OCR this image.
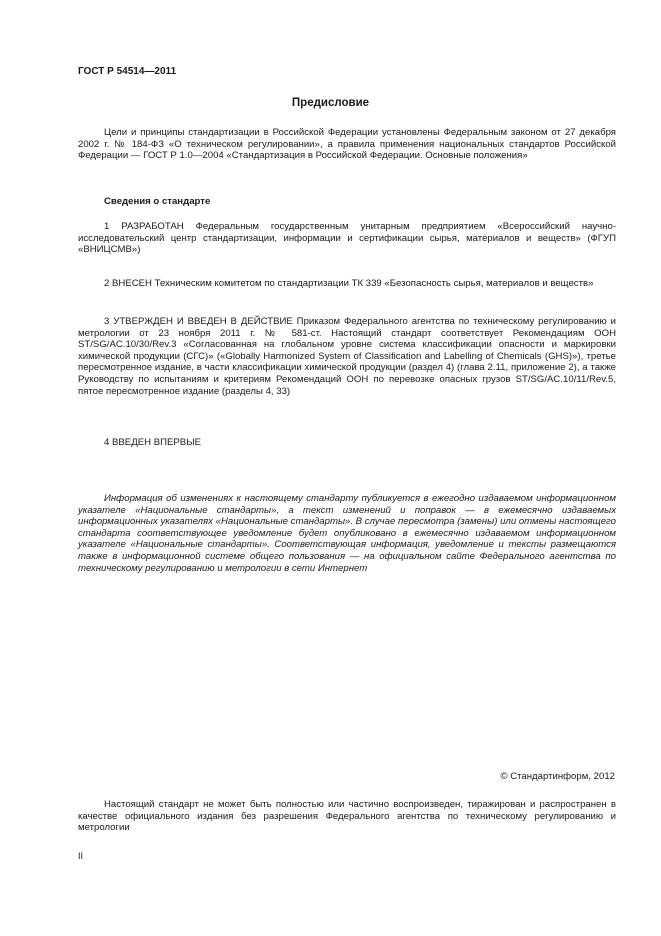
ГОСТ Р 54514—2011
Предисловие
Цели и принципы стандартизации в Российской Федерации установлены Федеральным законом от 27 декабря 2002 г. № 184-ФЗ «О техническом регулировании», а правила применения национальных стандартов Российской Федерации — ГОСТ Р 1.0—2004 «Стандартизация в Российской Федерации. Основные положения»
Сведения о стандарте
1 РАЗРАБОТАН Федеральным государственным унитарным предприятием «Всероссийский научно-исследовательский центр стандартизации, информации и сертификации сырья, материалов и веществ» (ФГУП «ВНИЦСМВ»)
2 ВНЕСЕН Техническим комитетом по стандартизации ТК 339 «Безопасность сырья, материалов и веществ»
3 УТВЕРЖДЕН И ВВЕДЕН В ДЕЙСТВИЕ Приказом Федерального агентства по техническому регулированию и метрологии от 23 ноября 2011 г. № 581-ст. Настоящий стандарт соответствует Рекомендациям ООН ST/SG/AC.10/30/Rev.3 «Согласованная на глобальном уровне система классификации опасности и маркировки химической продукции (СГС)» («Globally Harmonized System of Classification and Labelling of Chemicals (GHS)»), третье пересмотренное издание, в части классификации химической продукции (раздел 4) (глава 2.11, приложение 2), а также Руководству по испытаниям и критериям Рекомендаций ООН по перевозке опасных грузов ST/SG/AC.10/11/Rev.5, пятое пересмотренное издание (разделы 4, 33)
4 ВВЕДЕН ВПЕРВЫЕ
Информация об изменениях к настоящему стандарту публикуется в ежегодно издаваемом информационном указателе «Национальные стандарты», а текст изменений и поправок — в ежемесячно издаваемых информационных указателях «Национальные стандарты». В случае пересмотра (замены) или отмены настоящего стандарта соответствующее уведомление будет опубликовано в ежемесячно издаваемом информационном указателе «Национальные стандарты». Соответствующая информация, уведомление и тексты размещаются также в информационной системе общего пользования — на официальном сайте Федерального агентства по техническому регулированию и метрологии в сети Интернет
© Стандартинформ, 2012
Настоящий стандарт не может быть полностью или частично воспроизведен, тиражирован и распространен в качестве официального издания без разрешения Федерального агентства по техническому регулированию и метрологии
II
